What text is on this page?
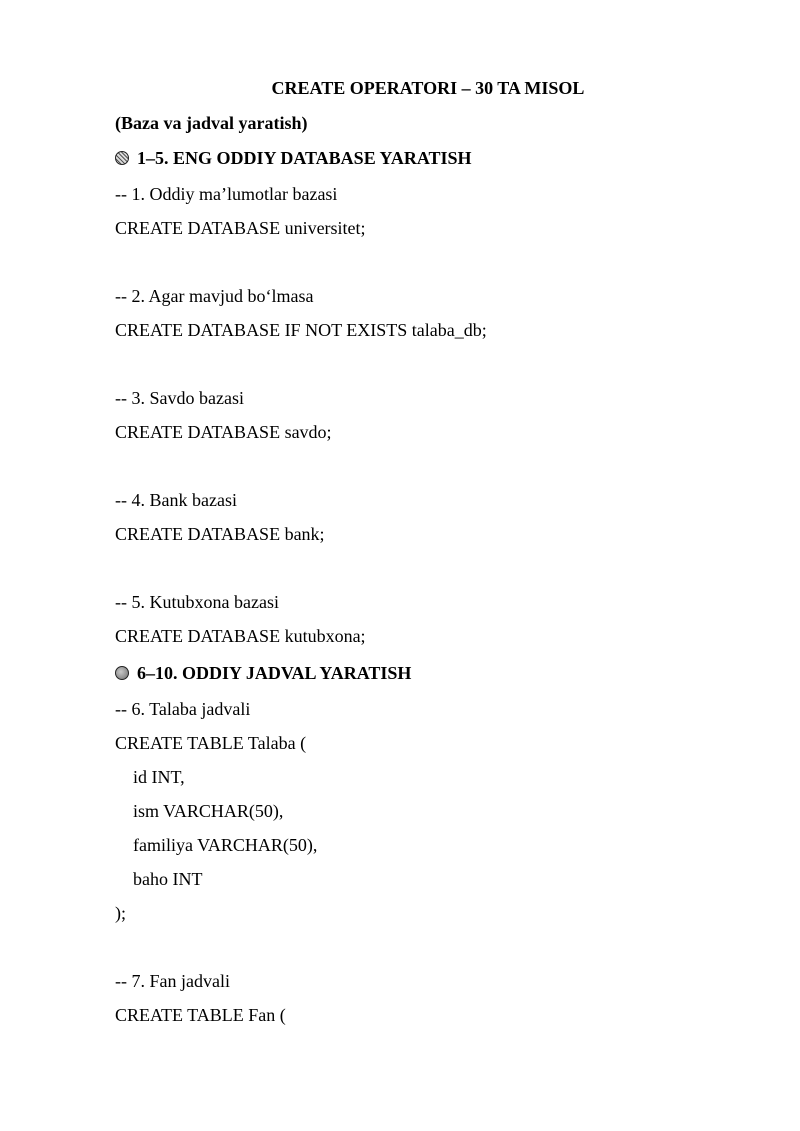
CREATE OPERATORI – 30 TA MISOL
(Baza va jadval yaratish)
1–5. ENG ODDIY DATABASE YARATISH
-- 1. Oddiy ma’lumotlar bazasi
CREATE DATABASE universitet;
-- 2. Agar mavjud bo‘lmasa
CREATE DATABASE IF NOT EXISTS talaba_db;
-- 3. Savdo bazasi
CREATE DATABASE savdo;
-- 4. Bank bazasi
CREATE DATABASE bank;
-- 5. Kutubxona bazasi
CREATE DATABASE kutubxona;
6–10. ODDIY JADVAL YARATISH
-- 6. Talaba jadvali
CREATE TABLE Talaba (
id INT,
ism VARCHAR(50),
familiya VARCHAR(50),
baho INT
);
-- 7. Fan jadvali
CREATE TABLE Fan (
